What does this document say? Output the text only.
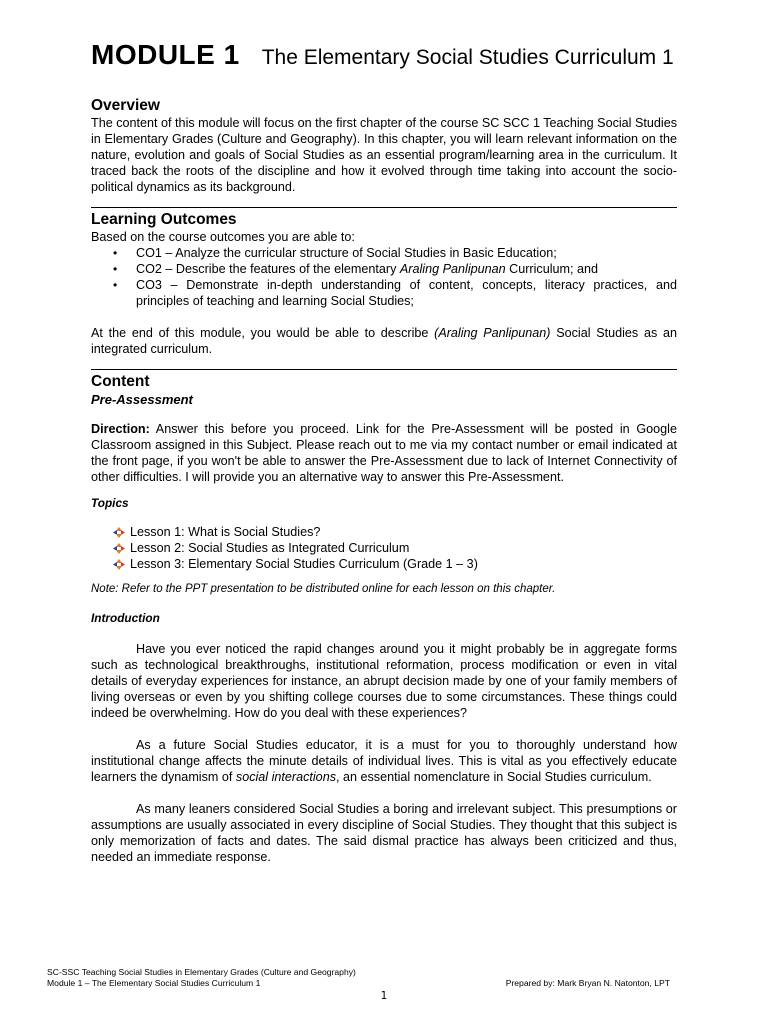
MODULE 1 The Elementary Social Studies Curriculum 1

Overview

The content of this module will focus on the first chapter of the course SC SCC 1 Teaching Social Studies in Elementary Grades (Culture and Geography). In this chapter, you will learn relevant information on the nature, evolution and goals of Social Studies as an essential program/learning area in the curriculum. It traced back the roots of the discipline and how it evolved through time taking into account the socio-political dynamics as its background.

Learning Outcomes

Based on the course outcomes you are able to:

• CO1 – Analyze the curricular structure of Social Studies in Basic Education;
• CO2 – Describe the features of the elementary Araling Panlipunan Curriculum; and
• CO3 – Demonstrate in-depth understanding of content, concepts, literacy practices, and principles of teaching and learning Social Studies;

At the end of this module, you would be able to describe (Araling Panlipunan) Social Studies as an integrated curriculum.

Content

Pre-Assessment

Direction: Answer this before you proceed. Link for the Pre-Assessment will be posted in Google Classroom assigned in this Subject. Please reach out to me via my contact number or email indicated at the front page, if you won't be able to answer the Pre-Assessment due to lack of Internet Connectivity of other difficulties. I will provide you an alternative way to answer this Pre-Assessment.

Topics

Lesson 1: What is Social Studies?
Lesson 2: Social Studies as Integrated Curriculum
Lesson 3: Elementary Social Studies Curriculum (Grade 1 – 3)

Note: Refer to the PPT presentation to be distributed online for each lesson on this chapter.

Introduction

Have you ever noticed the rapid changes around you it might probably be in aggregate forms such as technological breakthroughs, institutional reformation, process modification or even in vital details of everyday experiences for instance, an abrupt decision made by one of your family members of living overseas or even by you shifting college courses due to some circumstances. These things could indeed be overwhelming. How do you deal with these experiences?

As a future Social Studies educator, it is a must for you to thoroughly understand how institutional change affects the minute details of individual lives. This is vital as you effectively educate learners the dynamism of social interactions, an essential nomenclature in Social Studies curriculum.

As many leaners considered Social Studies a boring and irrelevant subject. This presumptions or assumptions are usually associated in every discipline of Social Studies. They thought that this subject is only memorization of facts and dates. The said dismal practice has always been criticized and thus, needed an immediate response.

SC-SSC Teaching Social Studies in Elementary Grades (Culture and Geography)
Module 1 – The Elementary Social Studies Curriculum 1	Prepared by: Mark Bryan N. Natonton, LPT
1
